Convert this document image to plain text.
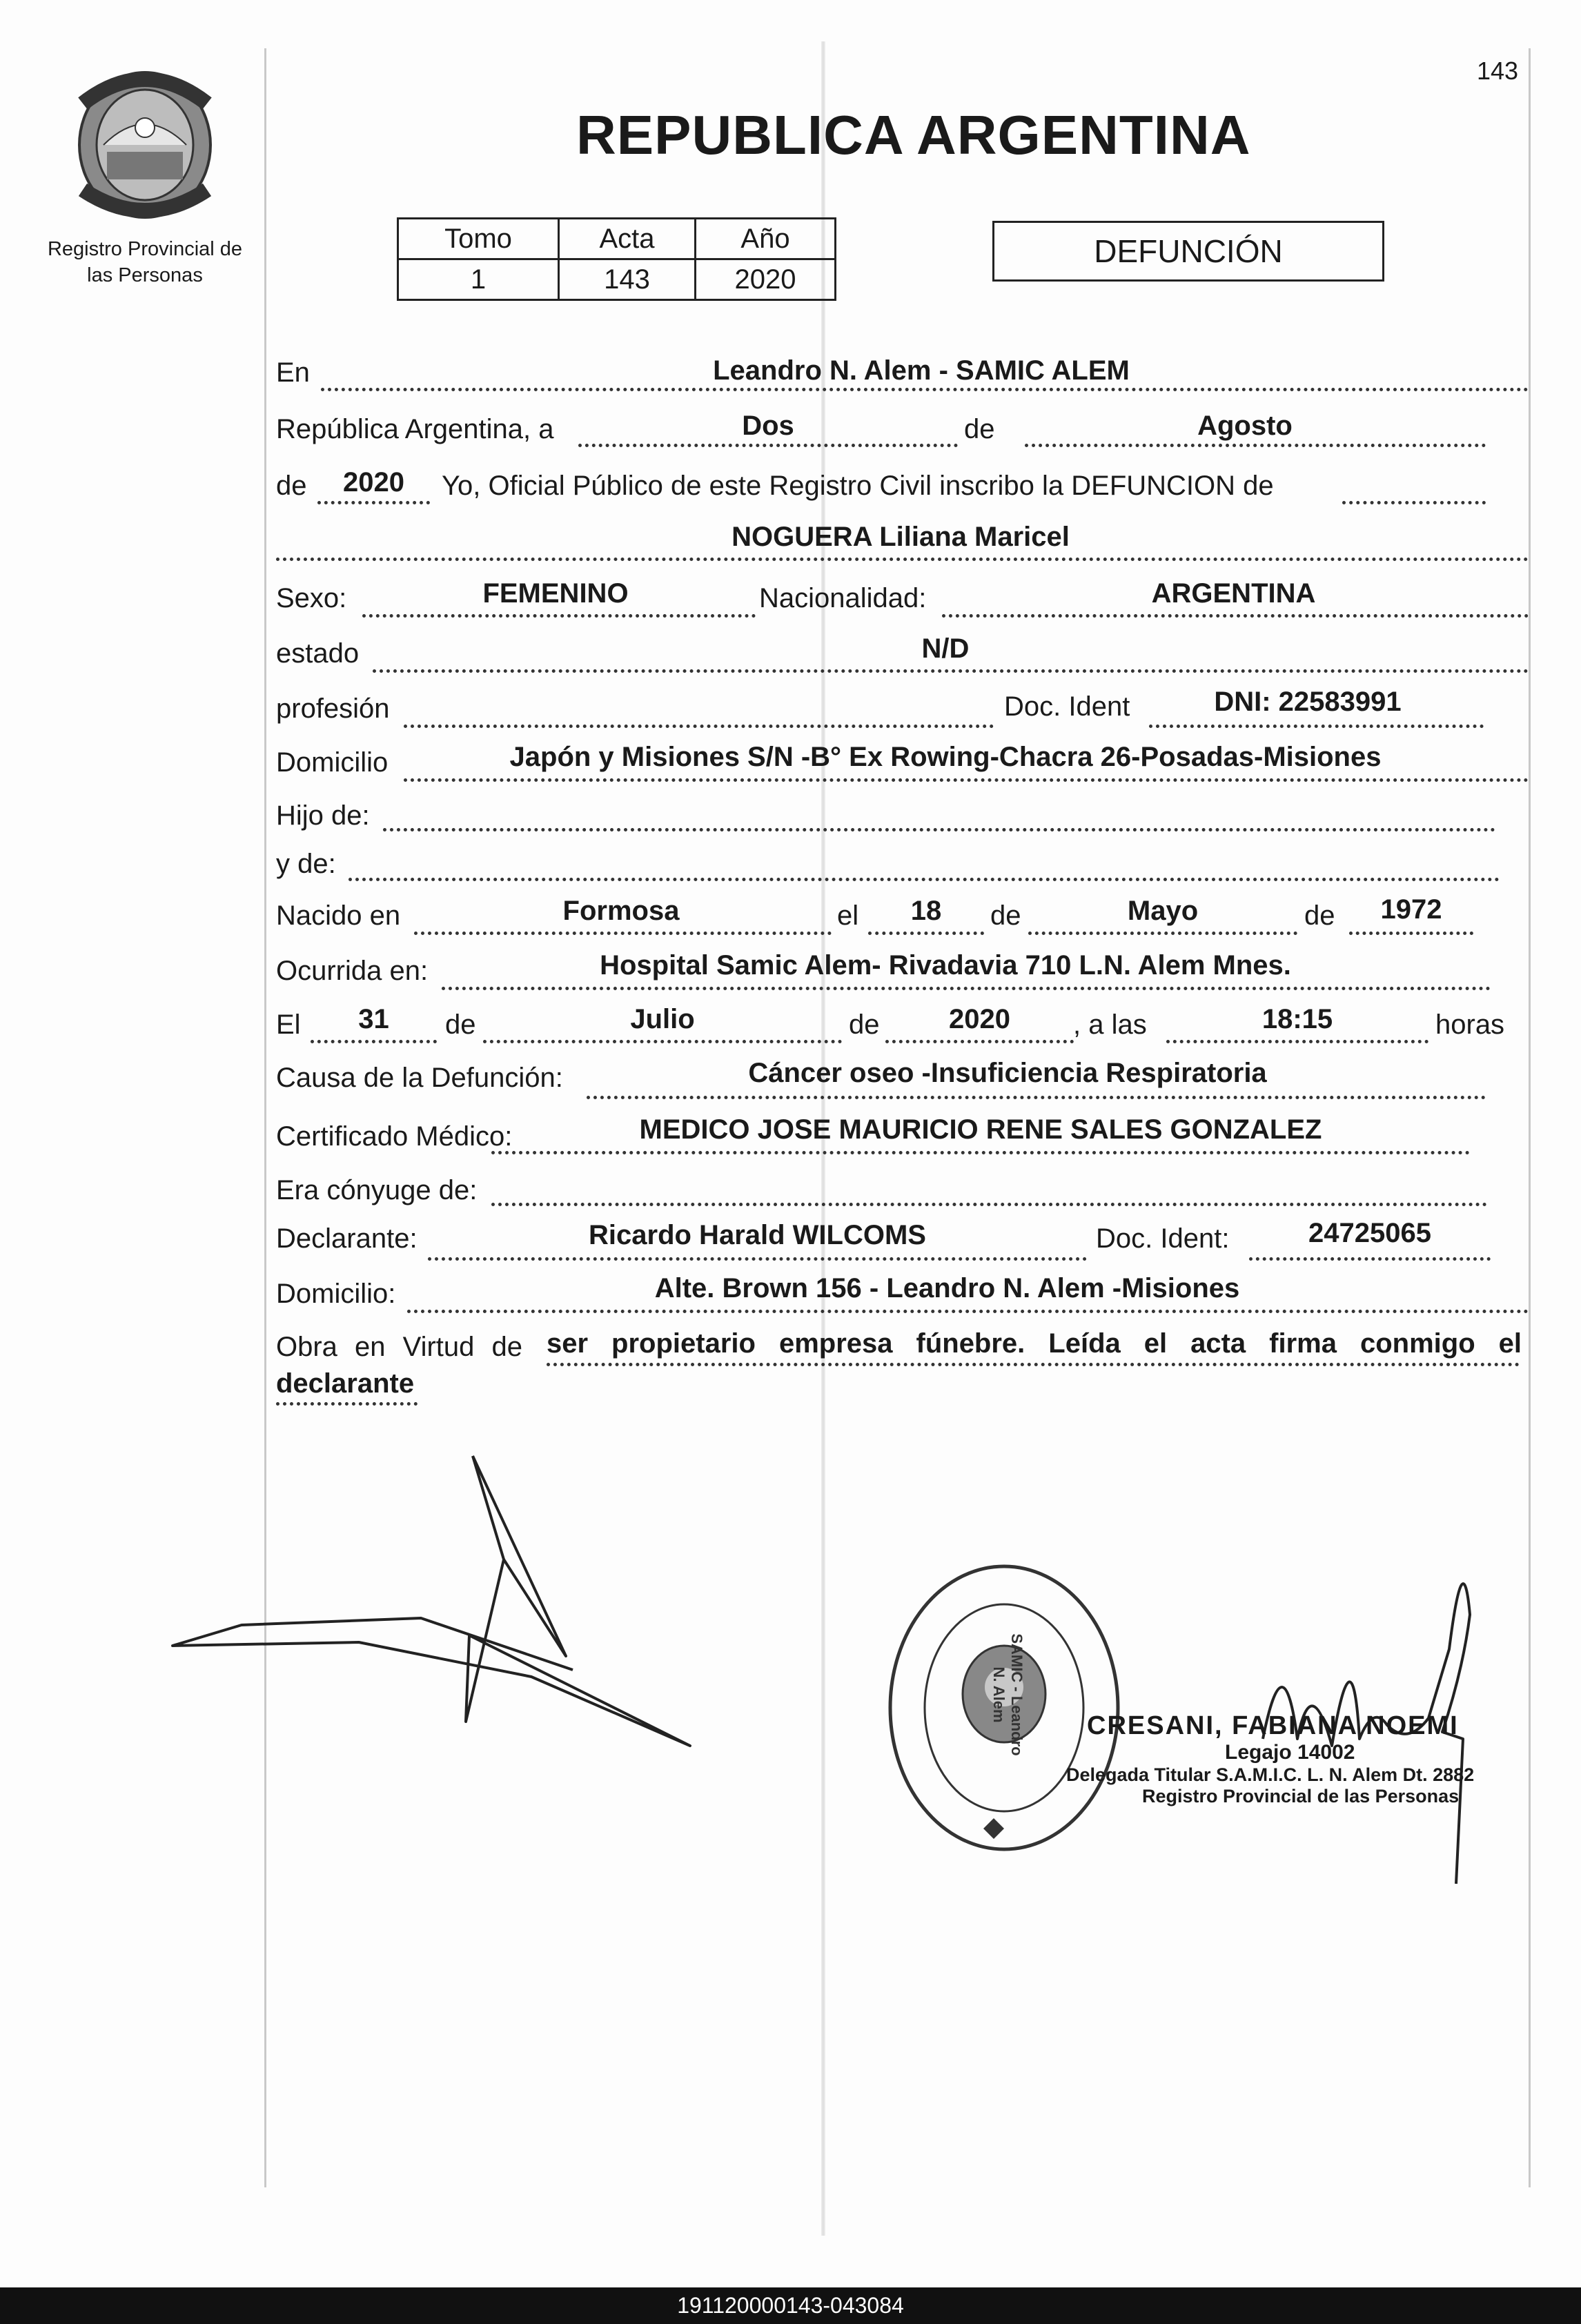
143
Registro Provincial de
las Personas
REPUBLICA ARGENTINA
Tomo	Acta	Año
1	143	2020
DEFUNCIÓN
En	Leandro N. Alem - SAMIC ALEM
República Argentina, a	Dos	de	Agosto
de	2020	Yo, Oficial Público de este Registro Civil inscribo la DEFUNCION de
NOGUERA Liliana Maricel
Sexo:	FEMENINO	Nacionalidad:	ARGENTINA
estado	N/D
profesión	Doc. Ident	DNI: 22583991
Domicilio	Japón y Misiones S/N -B° Ex Rowing-Chacra 26-Posadas-Misiones
Hijo de:
y de:
Nacido en	Formosa	el	18	de	Mayo	de	1972
Ocurrida en:	Hospital Samic Alem- Rivadavia 710 L.N. Alem Mnes.
El	31	de	Julio	de	2020	, a las	18:15	horas
Causa de la Defunción:	Cáncer oseo -Insuficiencia Respiratoria
Certificado Médico:	MEDICO JOSE MAURICIO RENE SALES GONZALEZ
Era cónyuge de:
Declarante:	Ricardo Harald WILCOMS	Doc. Ident:	24725065
Domicilio:	Alte. Brown 156 - Leandro N. Alem -Misiones
Obra en Virtud de ser propietario empresa fúnebre. Leída el acta firma conmigo el
declarante
SAMIC - Leandro N. Alem
CRESANI, FABIANA NOEMI
Legajo 14002
Delegada Titular S.A.M.I.C. L. N. Alem Dt. 2882
Registro Provincial de las Personas
191120000143-043084
